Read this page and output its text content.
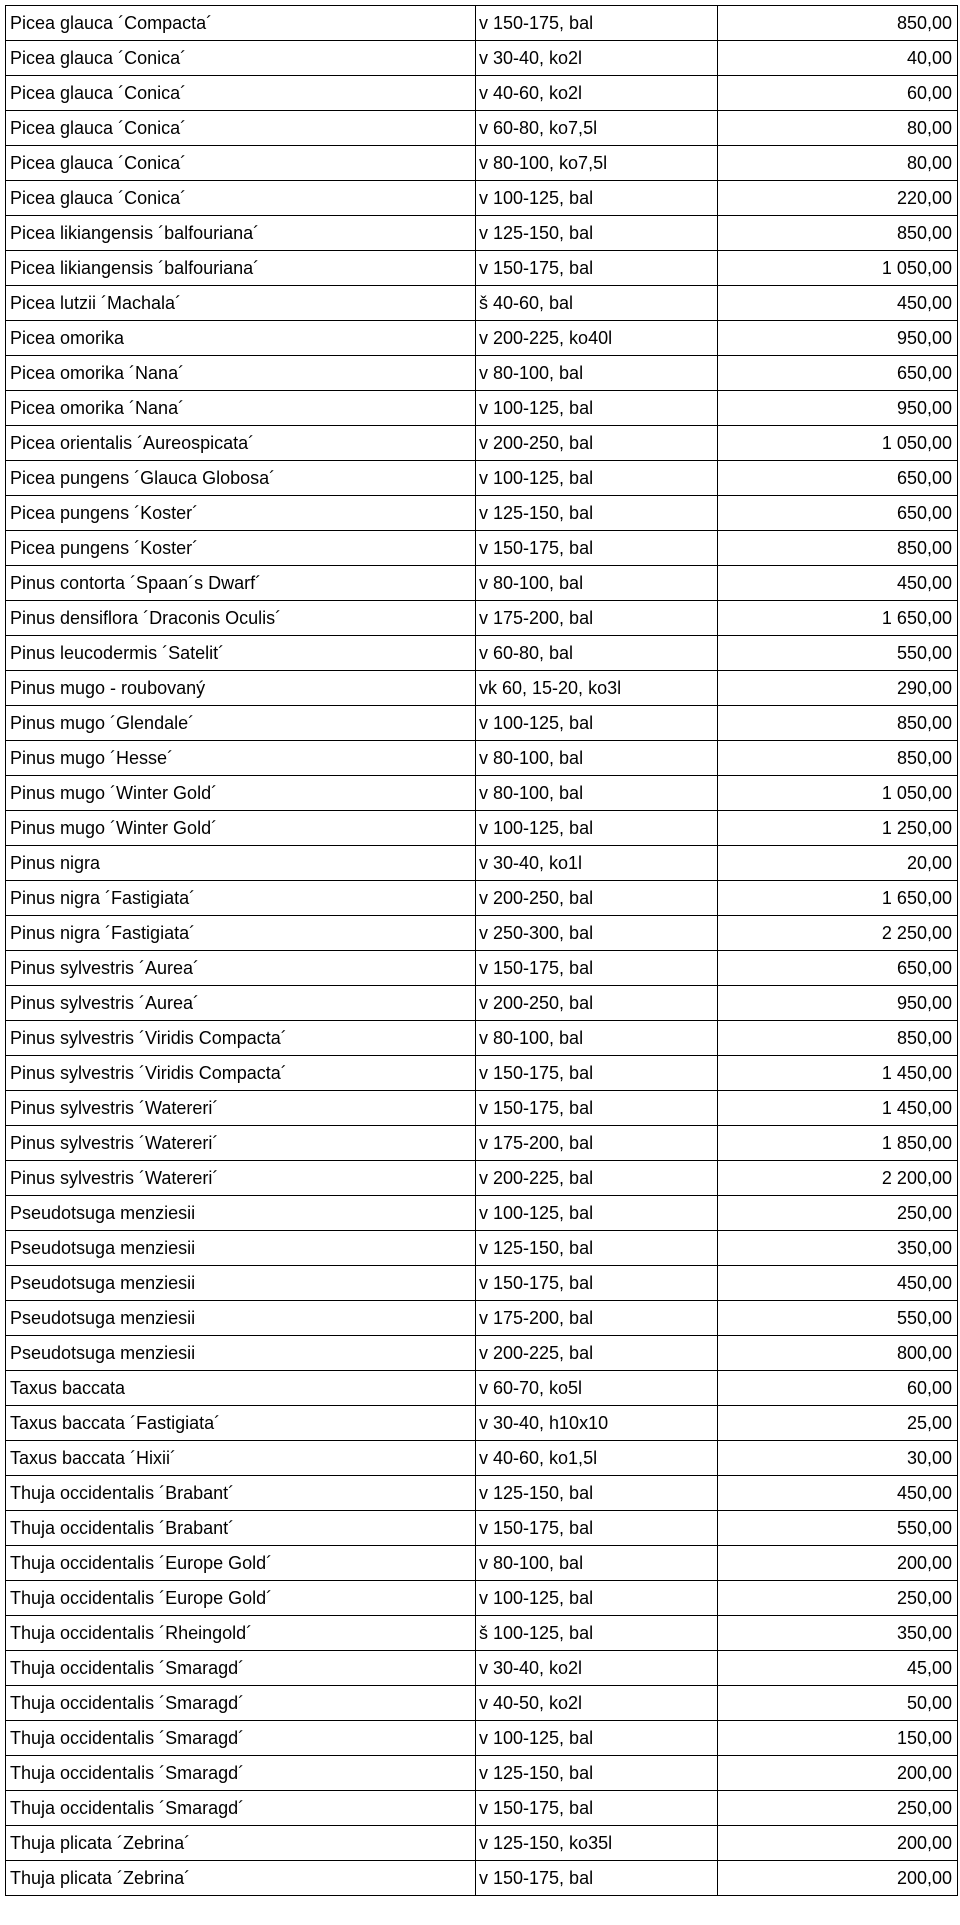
Picea glauca ´Compacta´	v 150-175, bal	850,00
Picea glauca ´Conica´	v 30-40, ko2l	40,00
Picea glauca ´Conica´	v 40-60, ko2l	60,00
Picea glauca ´Conica´	v 60-80, ko7,5l	80,00
Picea glauca ´Conica´	v 80-100, ko7,5l	80,00
Picea glauca ´Conica´	v 100-125, bal	220,00
Picea likiangensis ´balfouriana´	v 125-150, bal	850,00
Picea likiangensis ´balfouriana´	v 150-175, bal	1 050,00
Picea lutzii ´Machala´	š 40-60, bal	450,00
Picea omorika	v 200-225, ko40l	950,00
Picea omorika ´Nana´	v 80-100, bal	650,00
Picea omorika ´Nana´	v 100-125, bal	950,00
Picea orientalis ´Aureospicata´	v 200-250, bal	1 050,00
Picea pungens ´Glauca Globosa´	v 100-125, bal	650,00
Picea pungens ´Koster´	v 125-150, bal	650,00
Picea pungens ´Koster´	v 150-175, bal	850,00
Pinus contorta ´Spaan´s Dwarf´	v 80-100, bal	450,00
Pinus densiflora ´Draconis Oculis´	v 175-200, bal	1 650,00
Pinus leucodermis ´Satelit´	v 60-80, bal	550,00
Pinus mugo - roubovaný	vk 60, 15-20, ko3l	290,00
Pinus mugo ´Glendale´	v 100-125, bal	850,00
Pinus mugo ´Hesse´	v 80-100, bal	850,00
Pinus mugo ´Winter Gold´	v 80-100, bal	1 050,00
Pinus mugo ´Winter Gold´	v 100-125, bal	1 250,00
Pinus nigra	v 30-40, ko1l	20,00
Pinus nigra ´Fastigiata´	v 200-250, bal	1 650,00
Pinus nigra ´Fastigiata´	v 250-300, bal	2 250,00
Pinus sylvestris ´Aurea´	v 150-175, bal	650,00
Pinus sylvestris ´Aurea´	v 200-250, bal	950,00
Pinus sylvestris ´Viridis Compacta´	v 80-100, bal	850,00
Pinus sylvestris ´Viridis Compacta´	v 150-175, bal	1 450,00
Pinus sylvestris ´Watereri´	v 150-175, bal	1 450,00
Pinus sylvestris ´Watereri´	v 175-200, bal	1 850,00
Pinus sylvestris ´Watereri´	v 200-225, bal	2 200,00
Pseudotsuga menziesii	v 100-125, bal	250,00
Pseudotsuga menziesii	v 125-150, bal	350,00
Pseudotsuga menziesii	v 150-175, bal	450,00
Pseudotsuga menziesii	v 175-200, bal	550,00
Pseudotsuga menziesii	v 200-225, bal	800,00
Taxus baccata	v 60-70, ko5l	60,00
Taxus baccata ´Fastigiata´	v 30-40, h10x10	25,00
Taxus baccata ´Hixii´	v 40-60, ko1,5l	30,00
Thuja occidentalis ´Brabant´	v 125-150, bal	450,00
Thuja occidentalis ´Brabant´	v 150-175, bal	550,00
Thuja occidentalis ´Europe Gold´	v 80-100, bal	200,00
Thuja occidentalis ´Europe Gold´	v 100-125, bal	250,00
Thuja occidentalis ´Rheingold´	š 100-125, bal	350,00
Thuja occidentalis ´Smaragd´	v 30-40, ko2l	45,00
Thuja occidentalis ´Smaragd´	v 40-50, ko2l	50,00
Thuja occidentalis ´Smaragd´	v 100-125, bal	150,00
Thuja occidentalis ´Smaragd´	v 125-150, bal	200,00
Thuja occidentalis ´Smaragd´	v 150-175, bal	250,00
Thuja plicata ´Zebrina´	v 125-150, ko35l	200,00
Thuja plicata ´Zebrina´	v 150-175, bal	200,00
